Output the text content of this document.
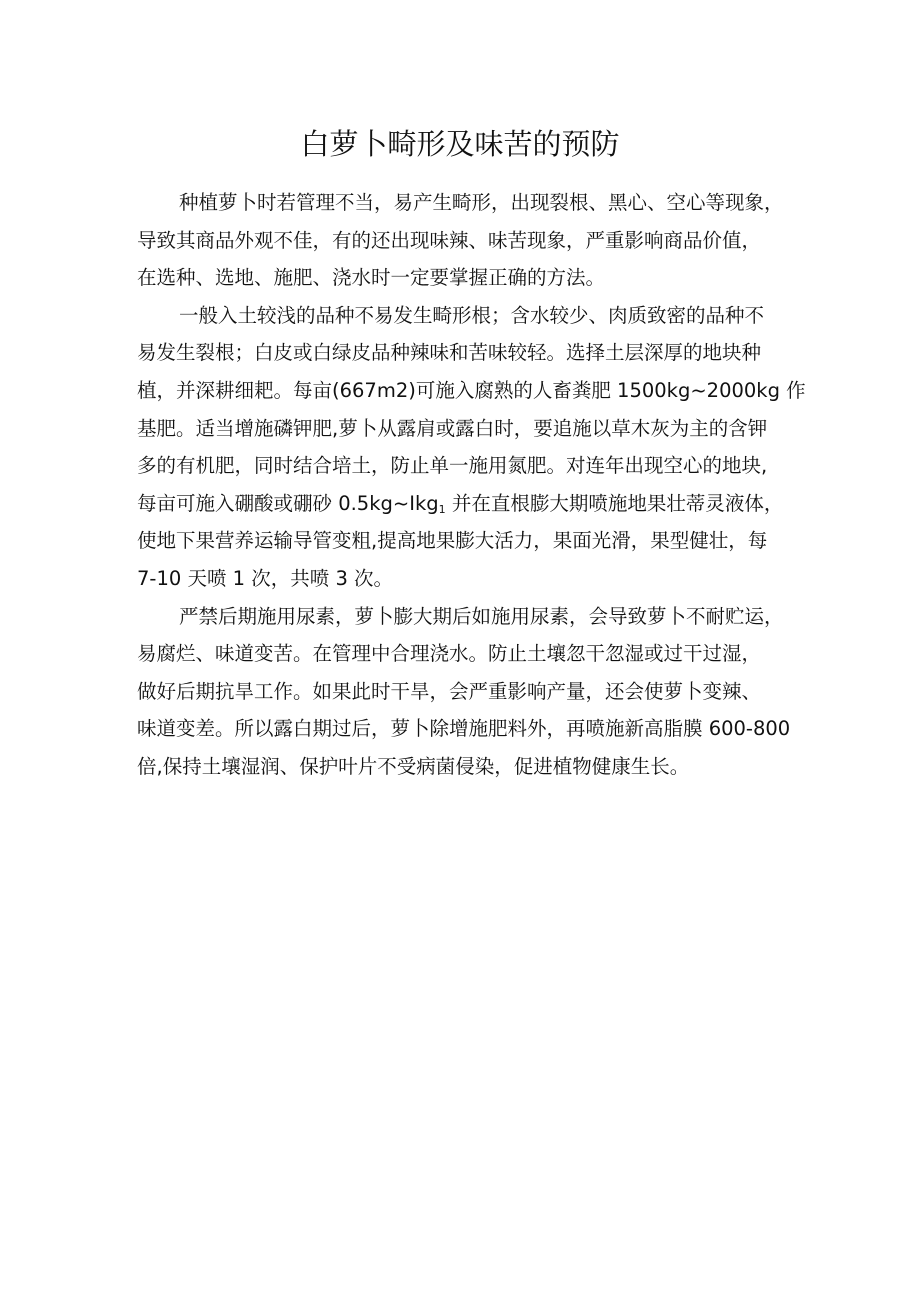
白萝卜畸形及味苦的预防

种植萝卜时若管理不当，易产生畸形，出现裂根、黑心、空心等现象，
导致其商品外观不佳，有的还出现味辣、味苦现象，严重影响商品价值，
在选种、选地、施肥、浇水时一定要掌握正确的方法。

一般入土较浅的品种不易发生畸形根；含水较少、肉质致密的品种不
易发生裂根；白皮或白绿皮品种辣味和苦味较轻。选择土层深厚的地块种
植，并深耕细耙。每亩(667m2)可施入腐熟的人畜粪肥 1500kg~2000kg 作
基肥。适当增施磷钾肥,萝卜从露肩或露白时，要追施以草木灰为主的含钾
多的有机肥，同时结合培土，防止单一施用氮肥。对连年出现空心的地块,
每亩可施入硼酸或硼砂 0.5kg~Ikg$_1$ 并在直根膨大期喷施地果壮蒂灵液体，
使地下果营养运输导管变粗,提高地果膨大活力，果面光滑，果型健壮，每
7-10 天喷 1 次，共喷 3 次。

严禁后期施用尿素，萝卜膨大期后如施用尿素，会导致萝卜不耐贮运，
易腐烂、味道变苦。在管理中合理浇水。防止土壤忽干忽湿或过干过湿，
做好后期抗旱工作。如果此时干旱，会严重影响产量，还会使萝卜变辣、
味道变差。所以露白期过后，萝卜除增施肥料外，再喷施新高脂膜 600-800
倍,保持土壤湿润、保护叶片不受病菌侵染，促进植物健康生长。
